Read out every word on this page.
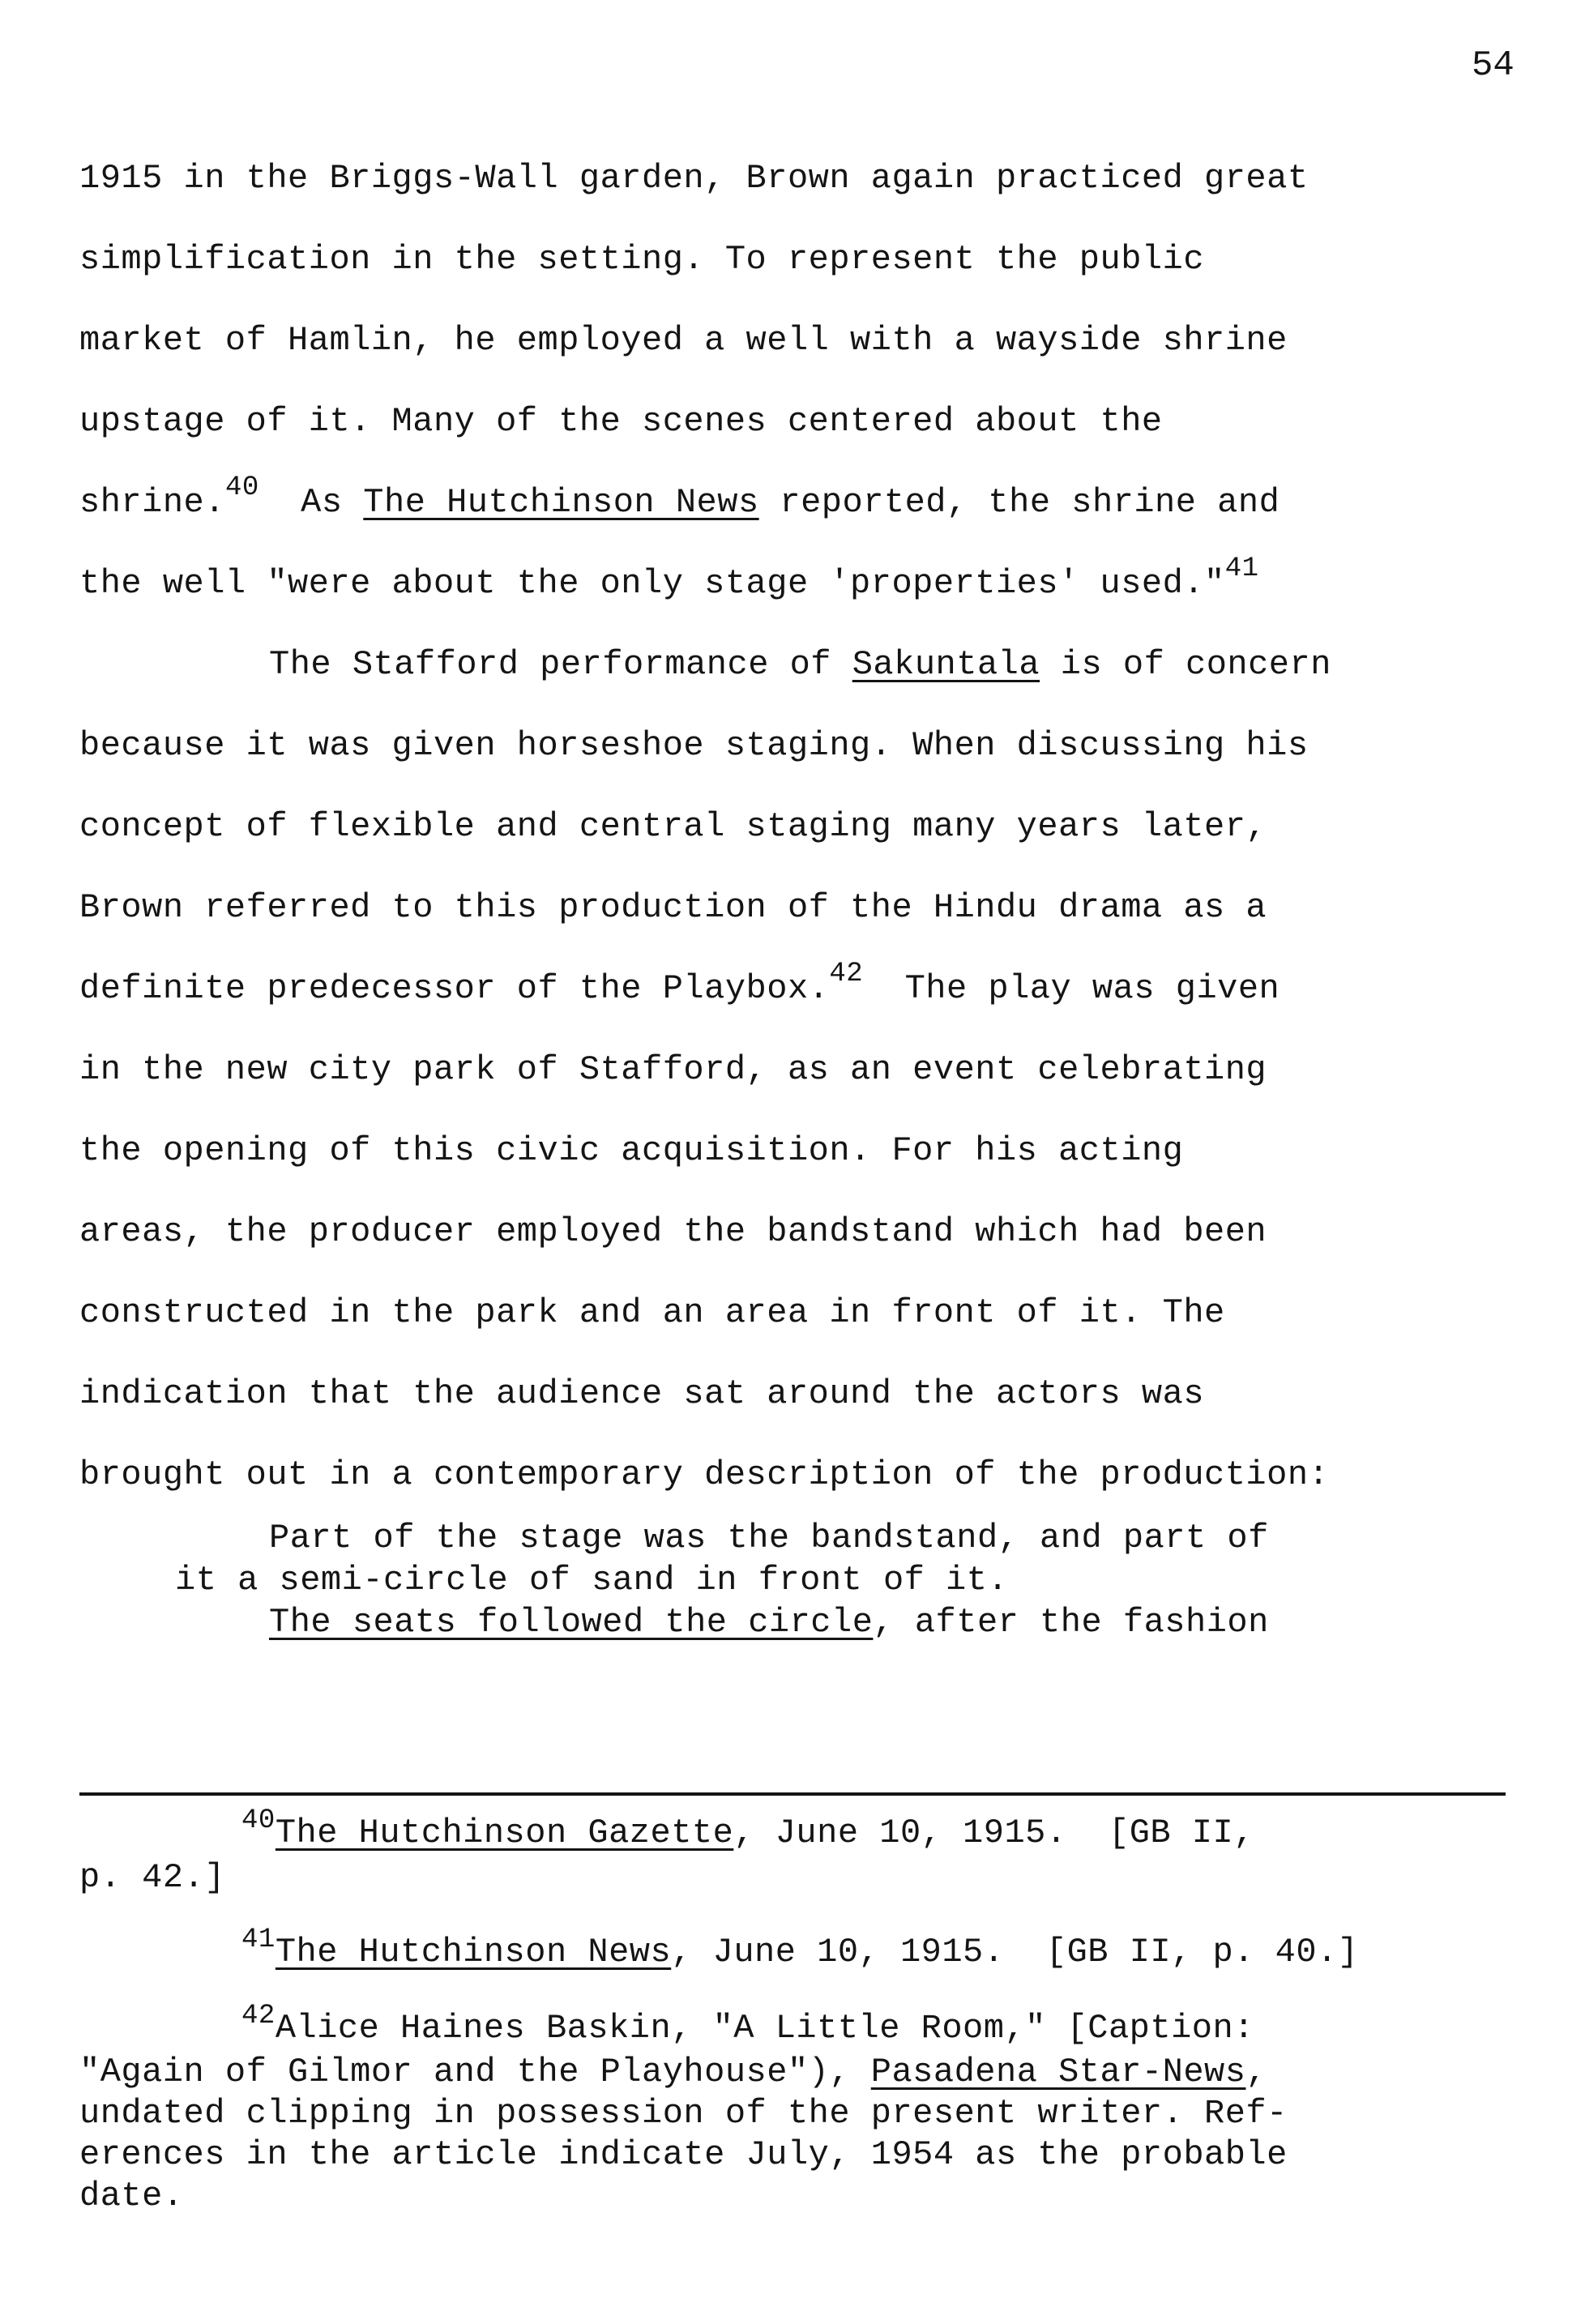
54
1915 in the Briggs-Wall garden, Brown again practiced great
simplification in the setting. To represent the public
market of Hamlin, he employed a well with a wayside shrine
upstage of it. Many of the scenes centered about the
shrine.$^{40}$  As The Hutchinson News reported, the shrine and
the well "were about the only stage 'properties' used."$^{41}$
The Stafford performance of Sakuntala is of concern
because it was given horseshoe staging. When discussing his
concept of flexible and central staging many years later,
Brown referred to this production of the Hindu drama as a
definite predecessor of the Playbox.$^{42}$  The play was given
in the new city park of Stafford, as an event celebrating
the opening of this civic acquisition. For his acting
areas, the producer employed the bandstand which had been
constructed in the park and an area in front of it. The
indication that the audience sat around the actors was
brought out in a contemporary description of the production:
Part of the stage was the bandstand, and part of
it a semi-circle of sand in front of it.
The seats followed the circle, after the fashion
$^{40}$The Hutchinson Gazette, June 10, 1915.  [GB II,
p. 42.]
$^{41}$The Hutchinson News, June 10, 1915.  [GB II, p. 40.]
$^{42}$Alice Haines Baskin, "A Little Room," [Caption:
"Again of Gilmor and the Playhouse"), Pasadena Star-News,
undated clipping in possession of the present writer. Ref-
erences in the article indicate July, 1954 as the probable
date.
